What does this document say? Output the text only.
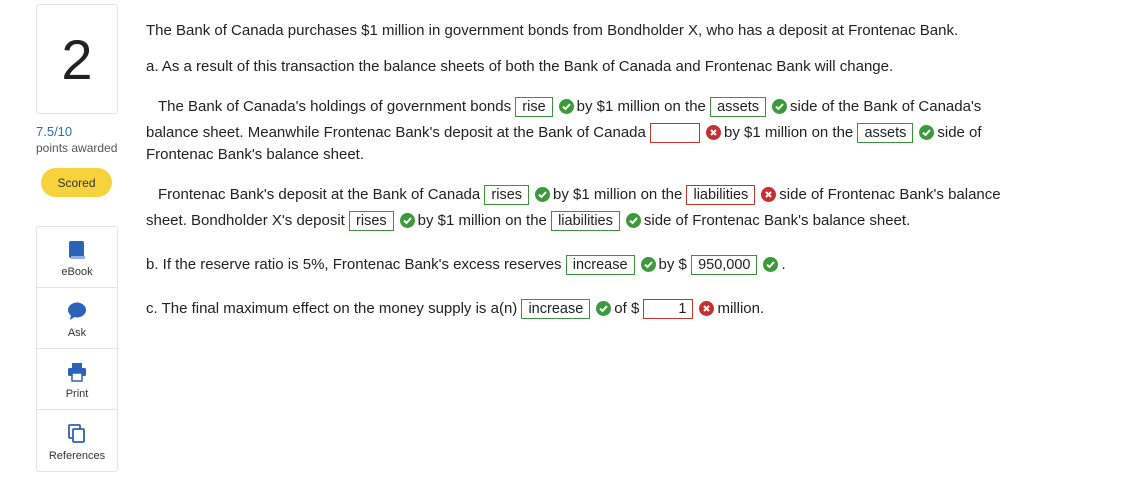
2
7.5/10
points awarded
Scored
eBook
Ask
Print
References
The Bank of Canada purchases $1 million in government bonds from Bondholder X, who has a deposit at Frontenac Bank.
a. As a result of this transaction the balance sheets of both the Bank of Canada and Frontenac Bank will change.
The Bank of Canada's holdings of government bonds rise by $1 million on the assets side of the Bank of Canada's
balance sheet. Meanwhile Frontenac Bank's deposit at the Bank of Canada	by $1 million on the assets side of
Frontenac Bank's balance sheet.
Frontenac Bank's deposit at the Bank of Canada rises by $1 million on the liabilities side of Frontenac Bank's balance
sheet. Bondholder X's deposit rises by $1 million on the liabilities side of Frontenac Bank's balance sheet.
b. If the reserve ratio is 5%, Frontenac Bank's excess reserves increase by $ 950,000 .
c. The final maximum effect on the money supply is a(n) increase of $	1 million.
